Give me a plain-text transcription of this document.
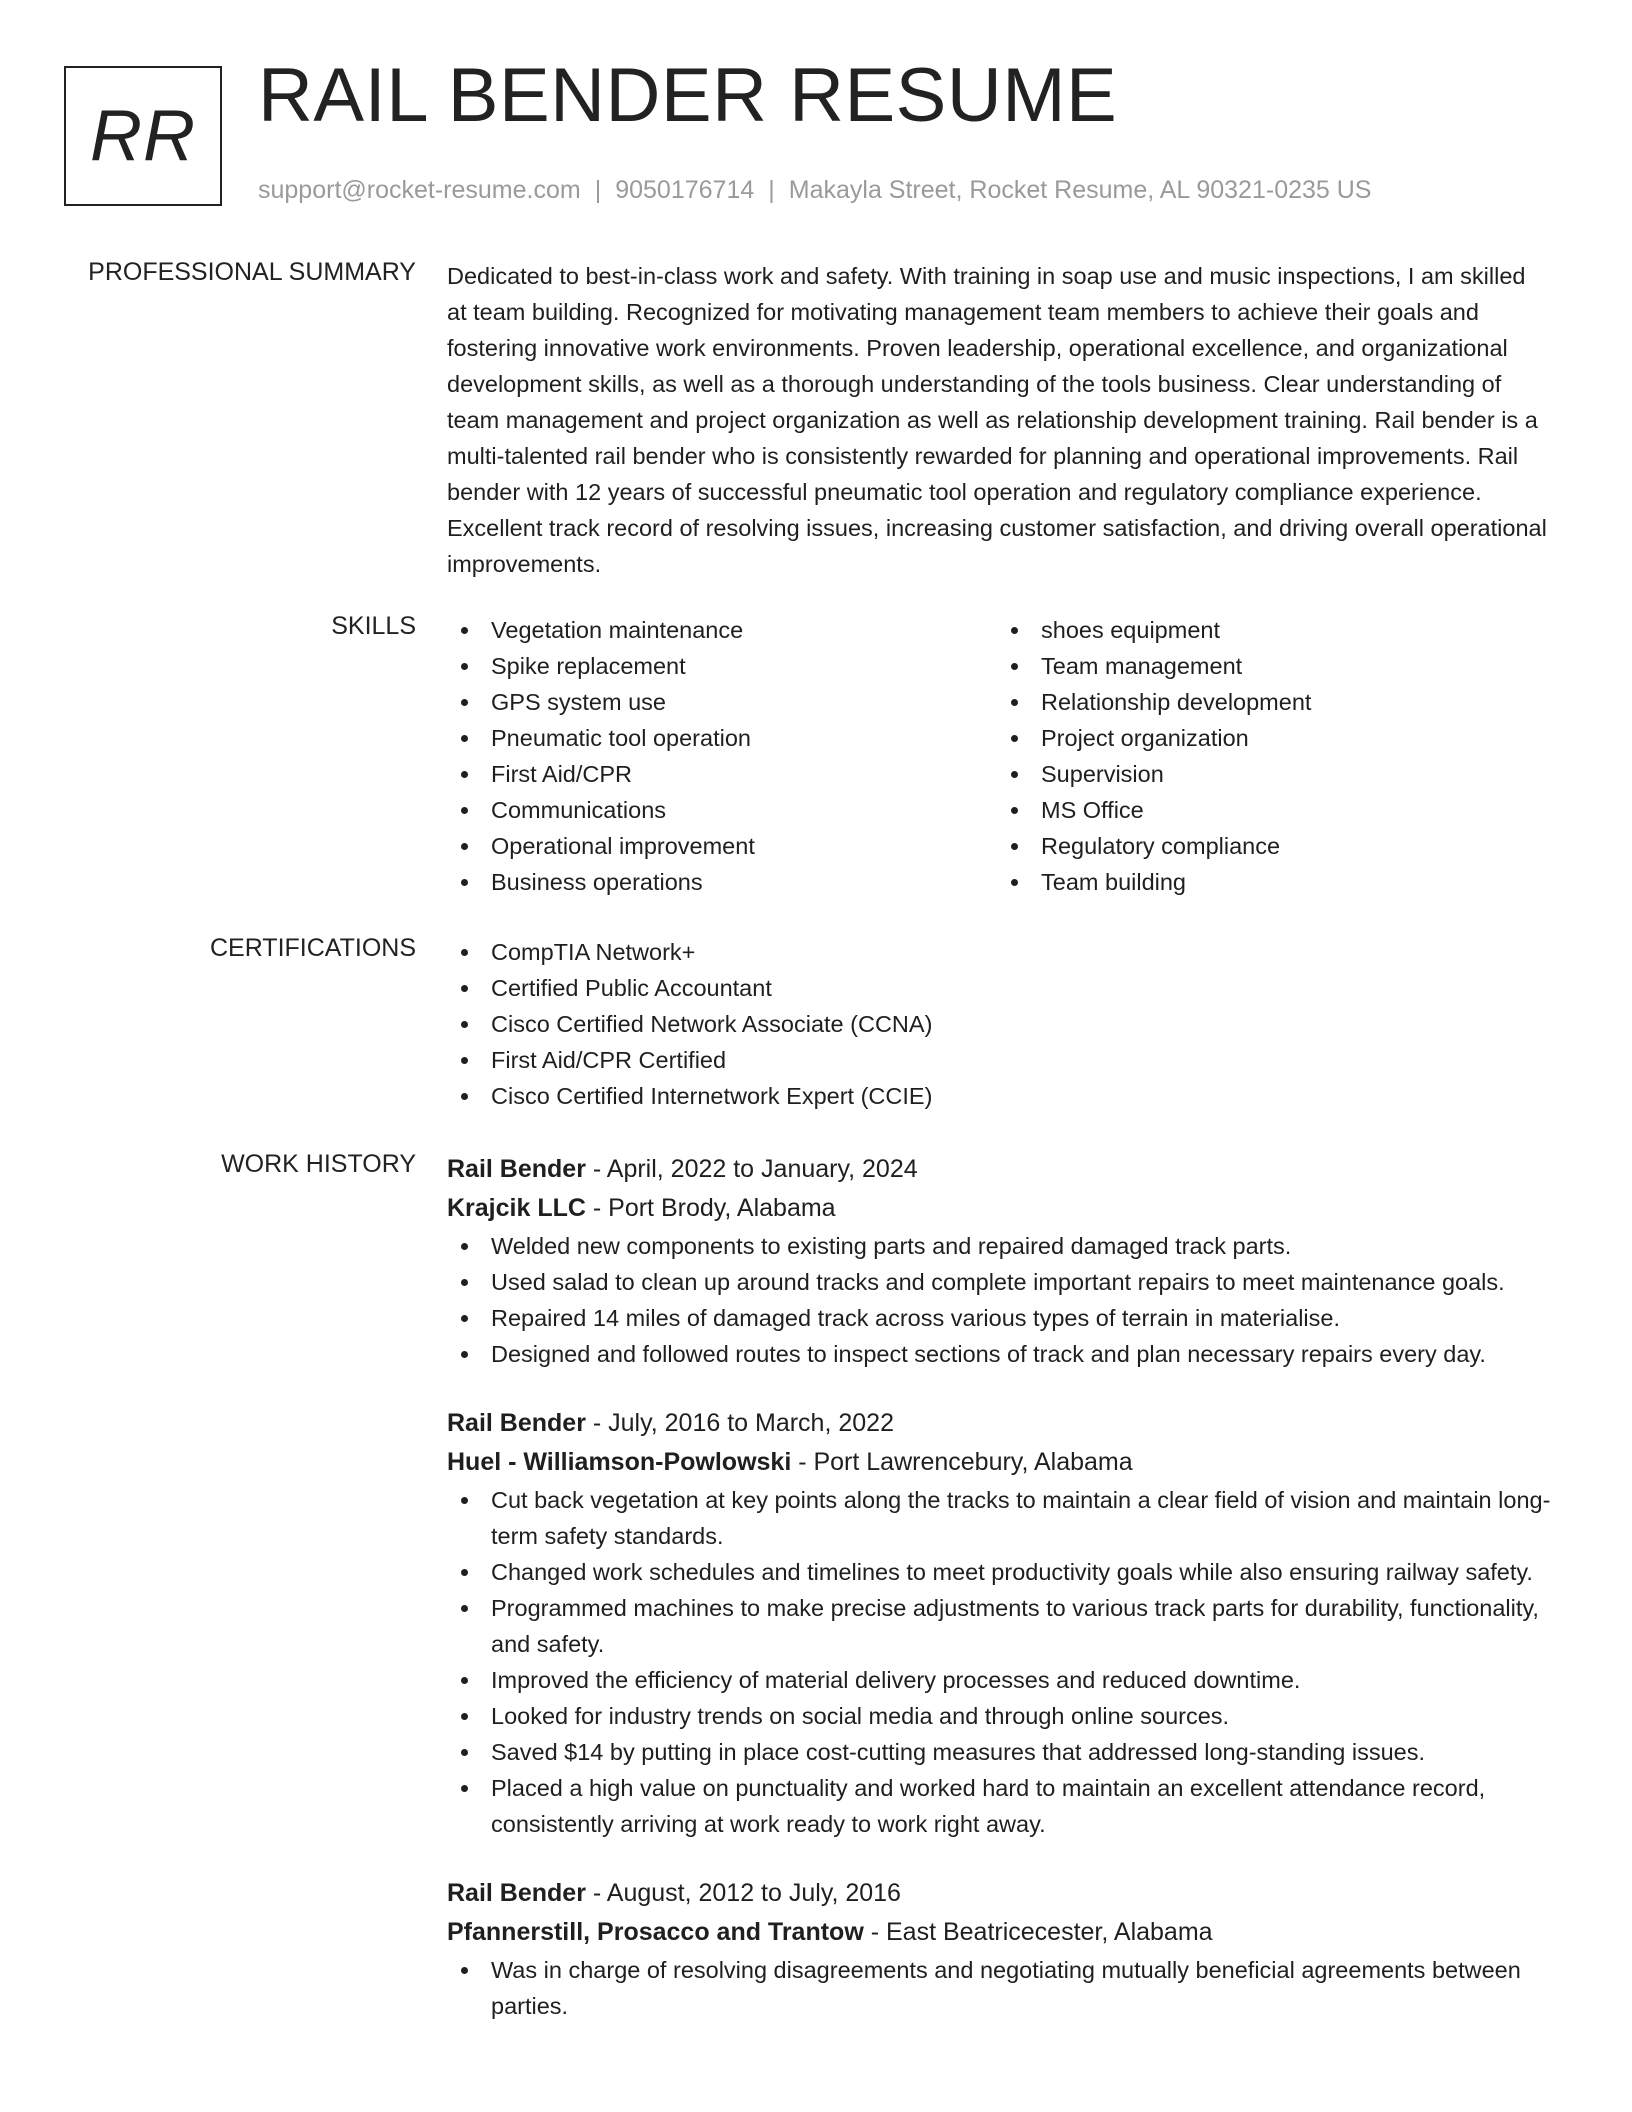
RR RAIL BENDER RESUME
support@rocket-resume.com | 9050176714 | Makayla Street, Rocket Resume, AL 90321-0235 US
PROFESSIONAL SUMMARY Dedicated to best-in-class work and safety. With training in soap use and music inspections, I am skilled at team building. Recognized for motivating management team members to achieve their goals and fostering innovative work environments. Proven leadership, operational excellence, and organizational development skills, as well as a thorough understanding of the tools business. Clear understanding of team management and project organization as well as relationship development training. Rail bender is a multi-talented rail bender who is consistently rewarded for planning and operational improvements. Rail bender with 12 years of successful pneumatic tool operation and regulatory compliance experience. Excellent track record of resolving issues, increasing customer satisfaction, and driving overall operational improvements.

SKILLS	Vegetation maintenance
Spike replacement
GPS system use
Pneumatic tool operation
First Aid/CPR
Communications
Operational improvement
Business operations
shoes equipment
Team management
Relationship development
Project organization
Supervision
MS Office
Regulatory compliance
Team building
CERTIFICATIONS	CompTIA Network+
Certified Public Accountant
Cisco Certified Network Associate (CCNA)
First Aid/CPR Certified
Cisco Certified Internetwork Expert (CCIE)
WORK HISTORY Rail Bender - April, 2022 to January, 2024
Krajcik LLC - Port Brody, Alabama
Welded new components to existing parts and repaired damaged track parts.
Used salad to clean up around tracks and complete important repairs to meet maintenance goals.
Repaired 14 miles of damaged track across various types of terrain in materialise.
Designed and followed routes to inspect sections of track and plan necessary repairs every day.
Rail Bender - July, 2016 to March, 2022
Huel - Williamson-Powlowski - Port Lawrencebury, Alabama
Cut back vegetation at key points along the tracks to maintain a clear field of vision and maintain long-term safety standards.
Changed work schedules and timelines to meet productivity goals while also ensuring railway safety.
Programmed machines to make precise adjustments to various track parts for durability, functionality, and safety.
Improved the efficiency of material delivery processes and reduced downtime.
Looked for industry trends on social media and through online sources.
Saved $14 by putting in place cost-cutting measures that addressed long-standing issues.
Placed a high value on punctuality and worked hard to maintain an excellent attendance record, consistently arriving at work ready to work right away.
Rail Bender - August, 2012 to July, 2016
Pfannerstill, Prosacco and Trantow - East Beatricecester, Alabama
Was in charge of resolving disagreements and negotiating mutually beneficial agreements between parties.
